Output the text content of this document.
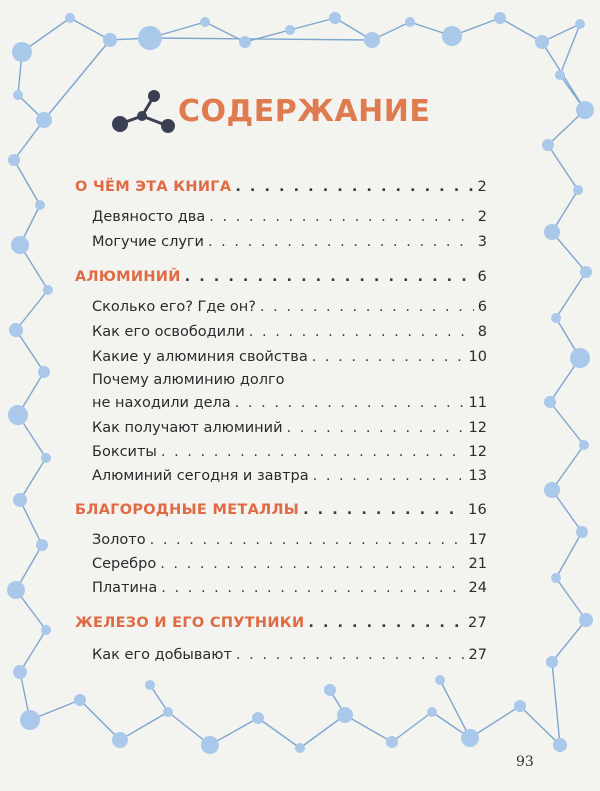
СОДЕРЖАНИЕ
О ЧЁМ ЭТА КНИГА . . .	2
Девяносто два . . .	2
Могучие слуги . . .	3
АЛЮМИНИЙ . . .	6
Сколько его? Где он? . . .	6
Как его освободили . . .	8
Какие у алюминия свойства . . .	10
Почему алюминию долго
не находили дела . . .	11
Как получают алюминий . . .	12
Бокситы . . .	12
Алюминий сегодня и завтра . . .	13
БЛАГОРОДНЫЕ МЕТАЛЛЫ . . .	16
Золото . . .	17
Серебро . . .	21
Платина . . .	24
ЖЕЛЕЗО И ЕГО СПУТНИКИ . . .	27
Как его добывают . . .	27
93
